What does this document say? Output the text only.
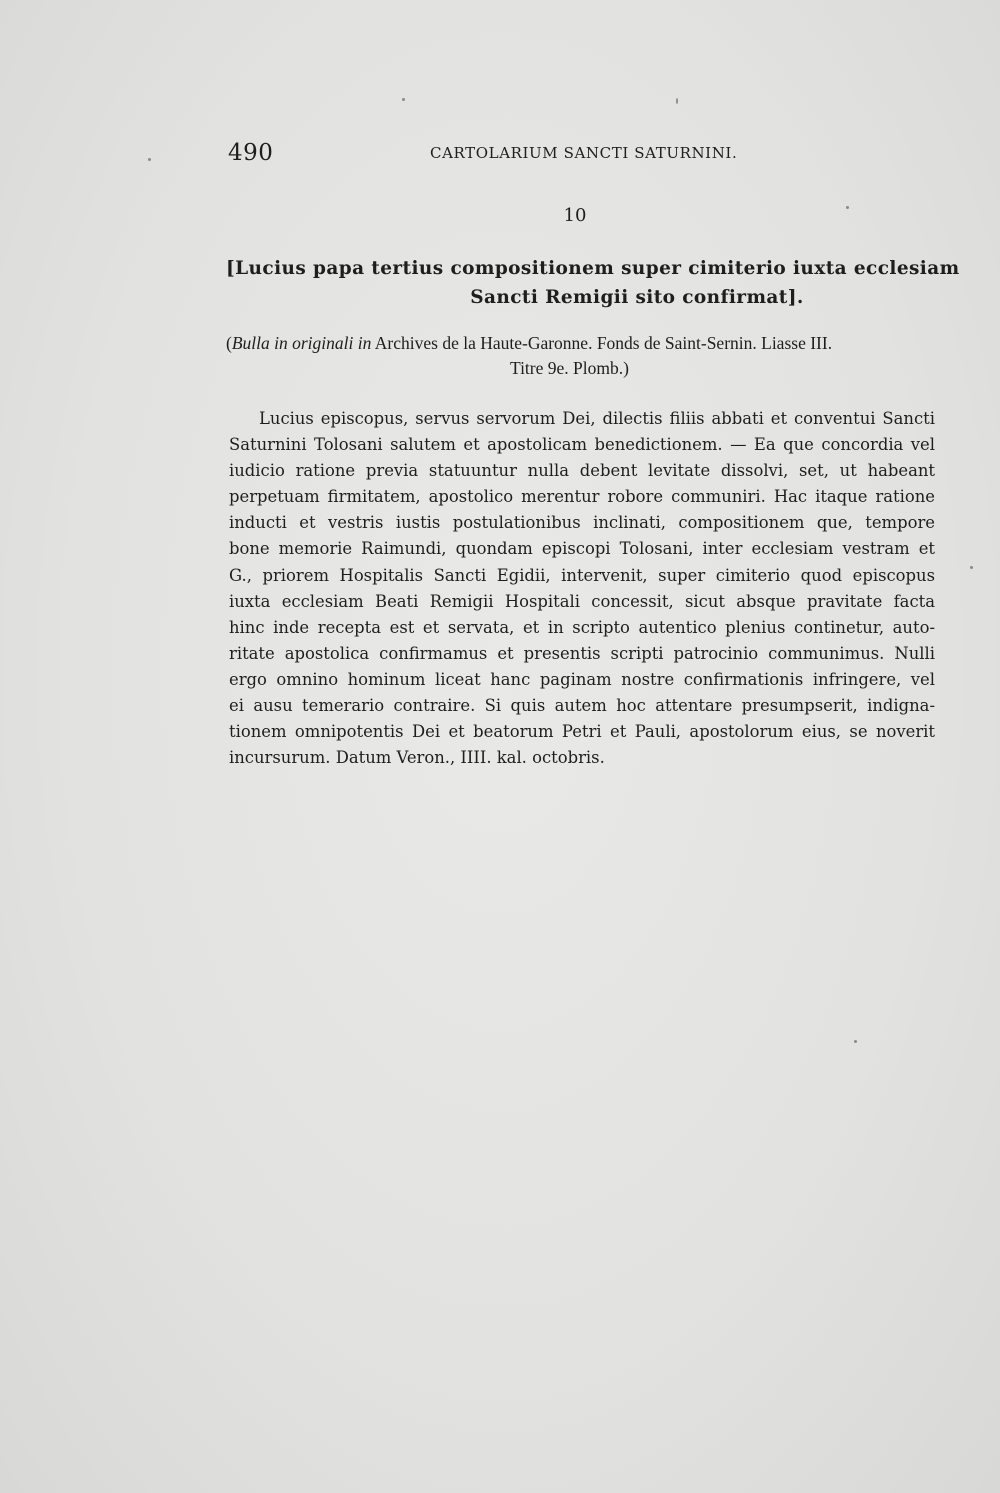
490	CARTOLARIUM SANCTI SATURNINI.
10
[Lucius papa tertius compositionem super cimiterio iuxta ecclesiam
Sancti Remigii sito confirmat].
(Bulla in originali in Archives de la Haute-Garonne. Fonds de Saint-Sernin. Liasse III.
Titre 9e. Plomb.)
Lucius episcopus, servus servorum Dei, dilectis filiis abbati et conventui Sancti
Saturnini Tolosani salutem et apostolicam benedictionem. — Ea que concordia vel
iudicio ratione previa statuuntur nulla debent levitate dissolvi, set, ut habeant
perpetuam firmitatem, apostolico merentur robore communiri. Hac itaque ratione
inducti et vestris iustis postulationibus inclinati, compositionem que, tempore
bone memorie Raimundi, quondam episcopi Tolosani, inter ecclesiam vestram et
G., priorem Hospitalis Sancti Egidii, intervenit, super cimiterio quod episcopus
iuxta ecclesiam Beati Remigii Hospitali concessit, sicut absque pravitate facta
hinc inde recepta est et servata, et in scripto autentico plenius continetur, auto-
ritate apostolica confirmamus et presentis scripti patrocinio communimus. Nulli
ergo omnino hominum liceat hanc paginam nostre confirmationis infringere, vel
ei ausu temerario contraire. Si quis autem hoc attentare presumpserit, indigna-
tionem omnipotentis Dei et beatorum Petri et Pauli, apostolorum eius, se noverit
incursurum. Datum Veron., IIII. kal. octobris.
